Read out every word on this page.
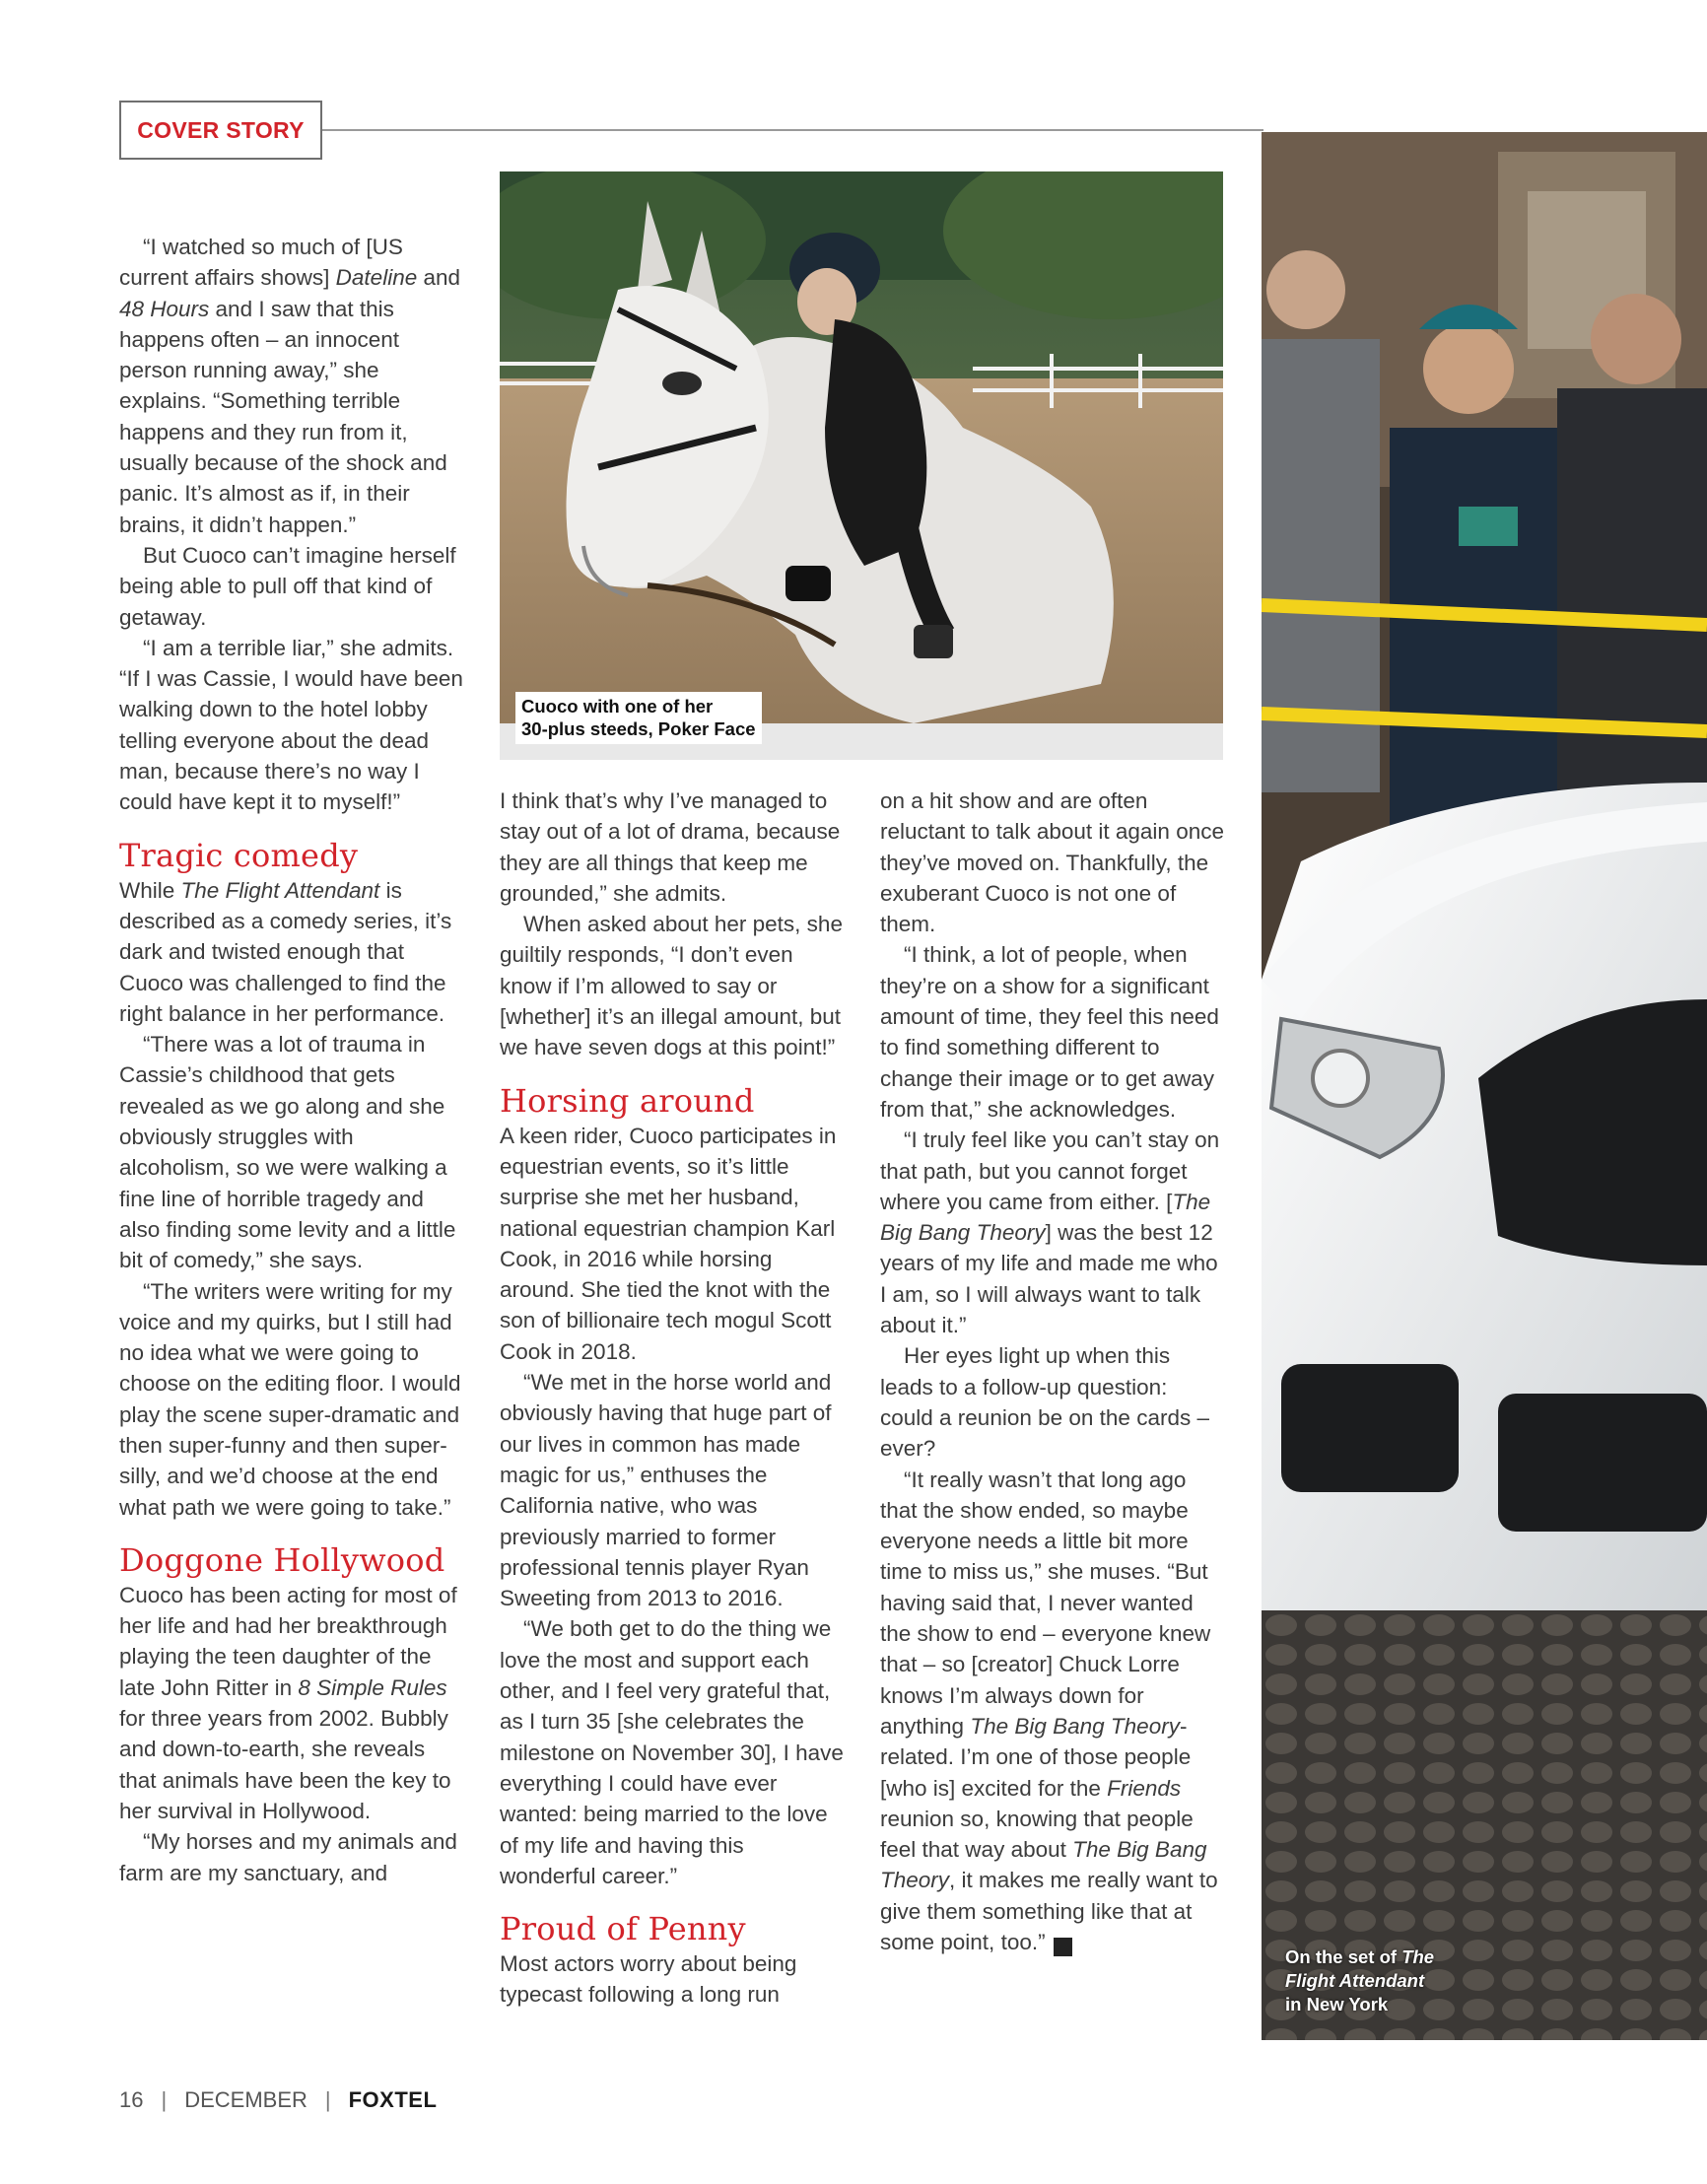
COVER STORY

“I watched so much of [US current affairs shows] Dateline and 48 Hours and I saw that this happens often – an innocent person running away,” she explains. “Something terrible happens and they run from it, usually because of the shock and panic. It’s almost as if, in their brains, it didn’t happen.”

But Cuoco can’t imagine herself being able to pull off that kind of getaway.

“I am a terrible liar,” she admits. “If I was Cassie, I would have been walking down to the hotel lobby telling everyone about the dead man, because there’s no way I could have kept it to myself!”

Tragic comedy

While The Flight Attendant is described as a comedy series, it’s dark and twisted enough that Cuoco was challenged to find the right balance in her performance.

“There was a lot of trauma in Cassie’s childhood that gets revealed as we go along and she obviously struggles with alcoholism, so we were walking a fine line of horrible tragedy and also finding some levity and a little bit of comedy,” she says.

“The writers were writing for my voice and my quirks, but I still had no idea what we were going to choose on the editing floor. I would play the scene super-dramatic and then super-funny and then super-silly, and we’d choose at the end what path we were going to take.”

Doggone Hollywood

Cuoco has been acting for most of her life and had her breakthrough playing the teen daughter of the late John Ritter in 8 Simple Rules for three years from 2002. Bubbly and down-to-earth, she reveals that animals have been the key to her survival in Hollywood.

“My horses and my animals and farm are my sanctuary, and

Cuoco with one of her
30-plus steeds, Poker Face

I think that’s why I’ve managed to stay out of a lot of drama, because they are all things that keep me grounded,” she admits.

When asked about her pets, she guiltily responds, “I don’t even know if I’m allowed to say or [whether] it’s an illegal amount, but we have seven dogs at this point!”

Horsing around

A keen rider, Cuoco participates in equestrian events, so it’s little surprise she met her husband, national equestrian champion Karl Cook, in 2016 while horsing around. She tied the knot with the son of billionaire tech mogul Scott Cook in 2018.

“We met in the horse world and obviously having that huge part of our lives in common has made magic for us,” enthuses the California native, who was previously married to former professional tennis player Ryan Sweeting from 2013 to 2016.

“We both get to do the thing we love the most and support each other, and I feel very grateful that, as I turn 35 [she celebrates the milestone on November 30], I have everything I could have ever wanted: being married to the love of my life and having this wonderful career.”

Proud of Penny

Most actors worry about being typecast following a long run

on a hit show and are often reluctant to talk about it again once they’ve moved on. Thankfully, the exuberant Cuoco is not one of them.

“I think, a lot of people, when they’re on a show for a significant amount of time, they feel this need to find something different to change their image or to get away from that,” she acknowledges.

“I truly feel like you can’t stay on that path, but you cannot forget where you came from either. [The Big Bang Theory] was the best 12 years of my life and made me who I am, so I will always want to talk about it.”

Her eyes light up when this leads to a follow-up question: could a reunion be on the cards – ever?

“It really wasn’t that long ago that the show ended, so maybe everyone needs a little bit more time to miss us,” she muses. “But having said that, I never wanted the show to end – everyone knew that – so [creator] Chuck Lorre knows I’m always down for anything The Big Bang Theory-related. I’m one of those people [who is] excited for the Friends reunion so, knowing that people feel that way about The Big Bang Theory, it makes me really want to give them something like that at some point, too.” f	On the set of The
Flight Attendant
in New York
16 | DECEMBER | FOXTEL
